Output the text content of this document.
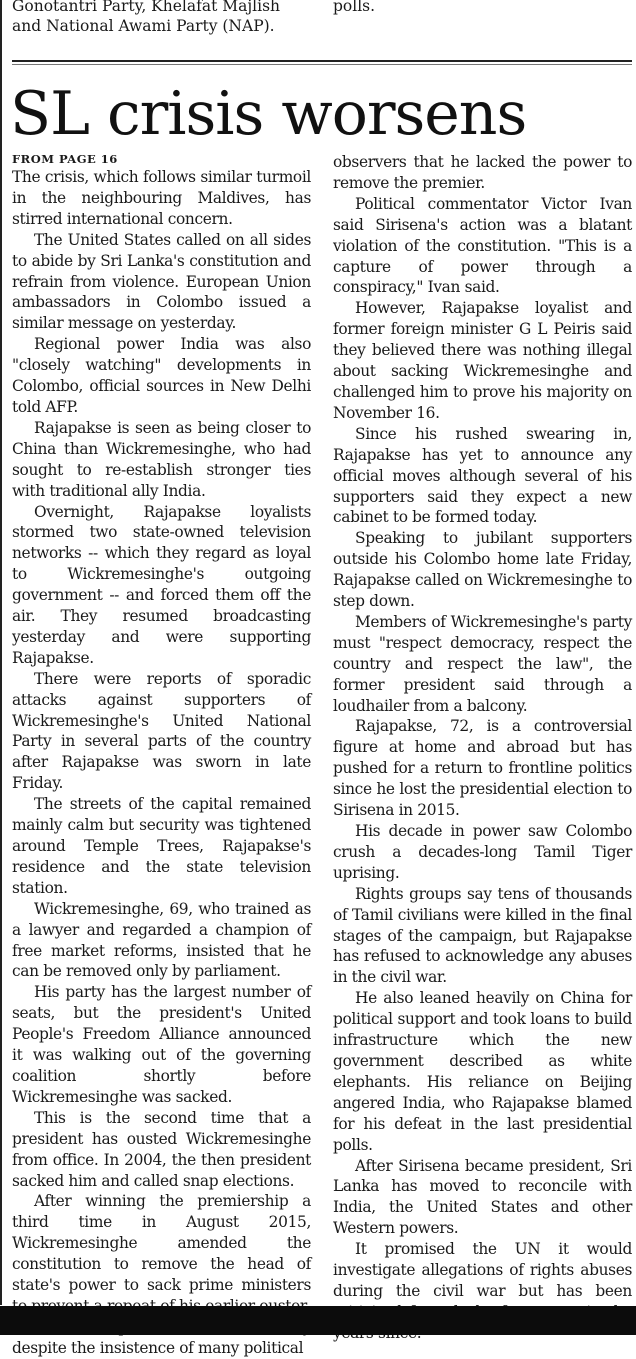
Gonotantri Party, Khelafat Majlish and National Awami Party (NAP).

polls.

SL crisis worsens
FROM PAGE 16

The crisis, which follows similar turmoil in the neighbouring Maldives, has stirred international concern.

The United States called on all sides to abide by Sri Lanka's constitution and refrain from violence. European Union ambassadors in Colombo issued a similar message on yesterday.

Regional power India was also "closely watching" developments in Colombo, official sources in New Delhi told AFP.

Rajapakse is seen as being closer to China than Wickremesinghe, who had sought to re-establish stronger ties with traditional ally India.

Overnight, Rajapakse loyalists stormed two state-owned television networks -- which they regard as loyal to Wickremesinghe's outgoing government -- and forced them off the air. They resumed broadcasting yesterday and were supporting Rajapakse.

There were reports of sporadic attacks against supporters of Wickremesinghe's United National Party in several parts of the country after Rajapakse was sworn in late Friday.

The streets of the capital remained mainly calm but security was tightened around Temple Trees, Rajapakse's residence and the state television station.

Wickremesinghe, 69, who trained as a lawyer and regarded a champion of free market reforms, insisted that he can be removed only by parliament.

His party has the largest number of seats, but the president's United People's Freedom Alliance announced it was walking out of the governing coalition shortly before Wickremesinghe was sacked.

This is the second time that a president has ousted Wickremesinghe from office. In 2004, the then president sacked him and called snap elections.

After winning the premiership a third time in August 2015, Wickremesinghe amended the constitution to remove the head of state's power to sack prime ministers

despite the insistence of many political

observers that he lacked the power to remove the premier.

Political commentator Victor Ivan said Sirisena's action was a blatant violation of the constitution. "This is a capture of power through a conspiracy," Ivan said.

However, Rajapakse loyalist and former foreign minister G L Peiris said they believed there was nothing illegal about sacking Wickremesinghe and challenged him to prove his majority on November 16.

Since his rushed swearing in, Rajapakse has yet to announce any official moves although several of his supporters said they expect a new cabinet to be formed today.

Speaking to jubilant supporters outside his Colombo home late Friday, Rajapakse called on Wickremesinghe to step down.

Members of Wickremesinghe's party must "respect democracy, respect the country and respect the law", the former president said through a loudhailer from a balcony.

Rajapakse, 72, is a controversial figure at home and abroad but has pushed for a return to frontline politics since he lost the presidential election to Sirisena in 2015.

His decade in power saw Colombo crush a decades-long Tamil Tiger uprising.

Rights groups say tens of thousands of Tamil civilians were killed in the final stages of the campaign, but Rajapakse has refused to acknowledge any abuses in the civil war.

He also leaned heavily on China for political support and took loans to build infrastructure which the new government described as white elephants. His reliance on Beijing angered India, who Rajapakse blamed for his defeat in the last presidential polls.

After Sirisena became president, Sri Lanka has moved to reconcile with India, the United States and other Western powers.

It promised the UN it would investigate allegations of rights abuses during the civil war but has been
